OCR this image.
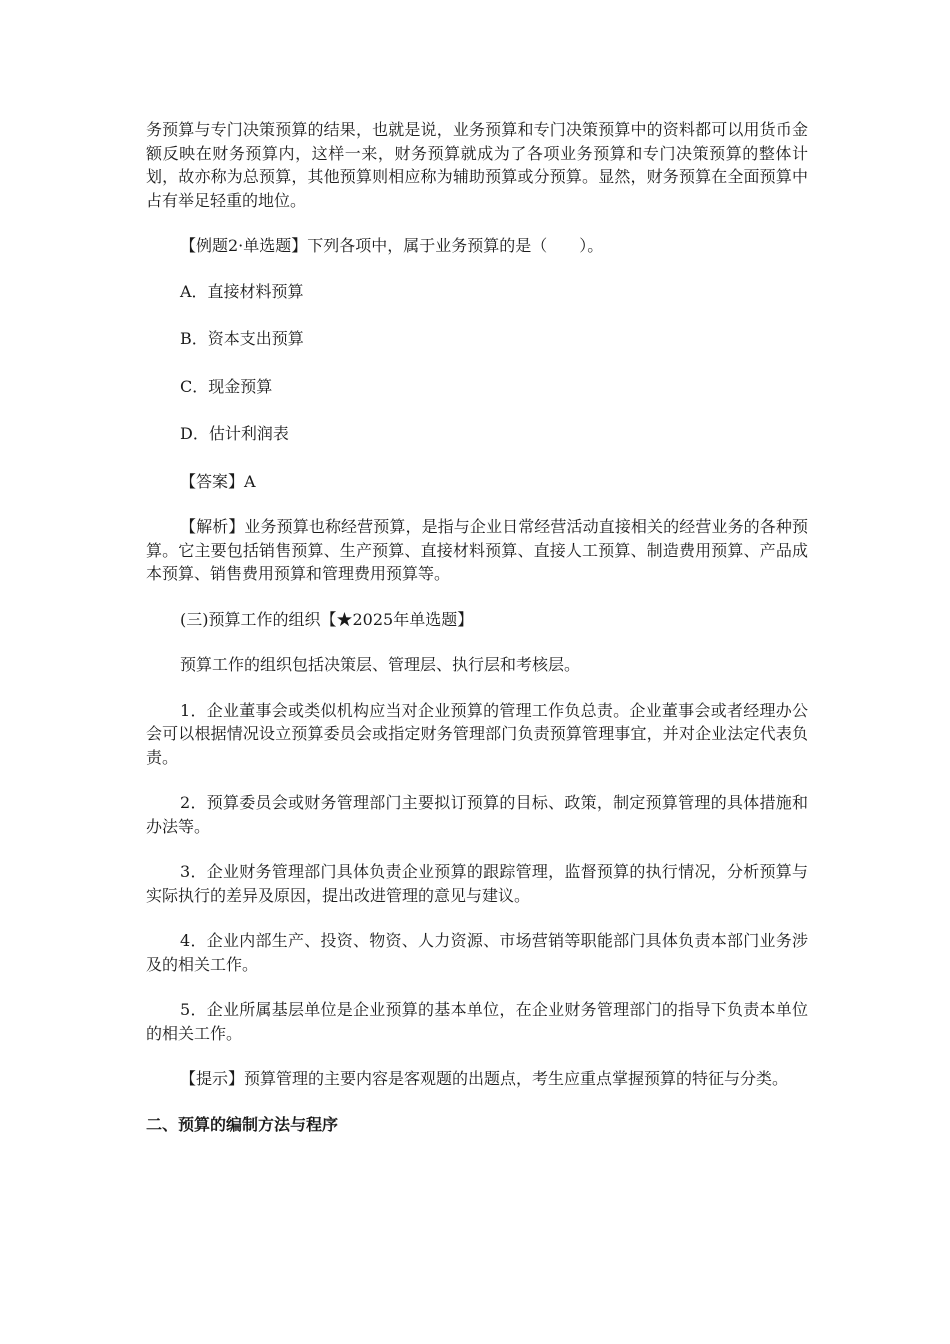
务预算与专门决策预算的结果，也就是说，业务预算和专门决策预算中的资料都可以用货币金额反映在财务预算内，这样一来，财务预算就成为了各项业务预算和专门决策预算的整体计划，故亦称为总预算，其他预算则相应称为辅助预算或分预算。显然，财务预算在全面预算中占有举足轻重的地位。

【例题2·单选题】下列各项中，属于业务预算的是（　　）。

A．直接材料预算

B．资本支出预算

C．现金预算

D．估计利润表

【答案】A

【解析】业务预算也称经营预算，是指与企业日常经营活动直接相关的经营业务的各种预算。它主要包括销售预算、生产预算、直接材料预算、直接人工预算、制造费用预算、产品成本预算、销售费用预算和管理费用预算等。

(三)预算工作的组织【★2025年单选题】

预算工作的组织包括决策层、管理层、执行层和考核层。

1．企业董事会或类似机构应当对企业预算的管理工作负总责。企业董事会或者经理办公会可以根据情况设立预算委员会或指定财务管理部门负责预算管理事宜，并对企业法定代表负责。

2．预算委员会或财务管理部门主要拟订预算的目标、政策，制定预算管理的具体措施和办法等。

3．企业财务管理部门具体负责企业预算的跟踪管理，监督预算的执行情况，分析预算与实际执行的差异及原因，提出改进管理的意见与建议。

4．企业内部生产、投资、物资、人力资源、市场营销等职能部门具体负责本部门业务涉及的相关工作。

5．企业所属基层单位是企业预算的基本单位，在企业财务管理部门的指导下负责本单位的相关工作。

【提示】预算管理的主要内容是客观题的出题点，考生应重点掌握预算的特征与分类。

二、预算的编制方法与程序
